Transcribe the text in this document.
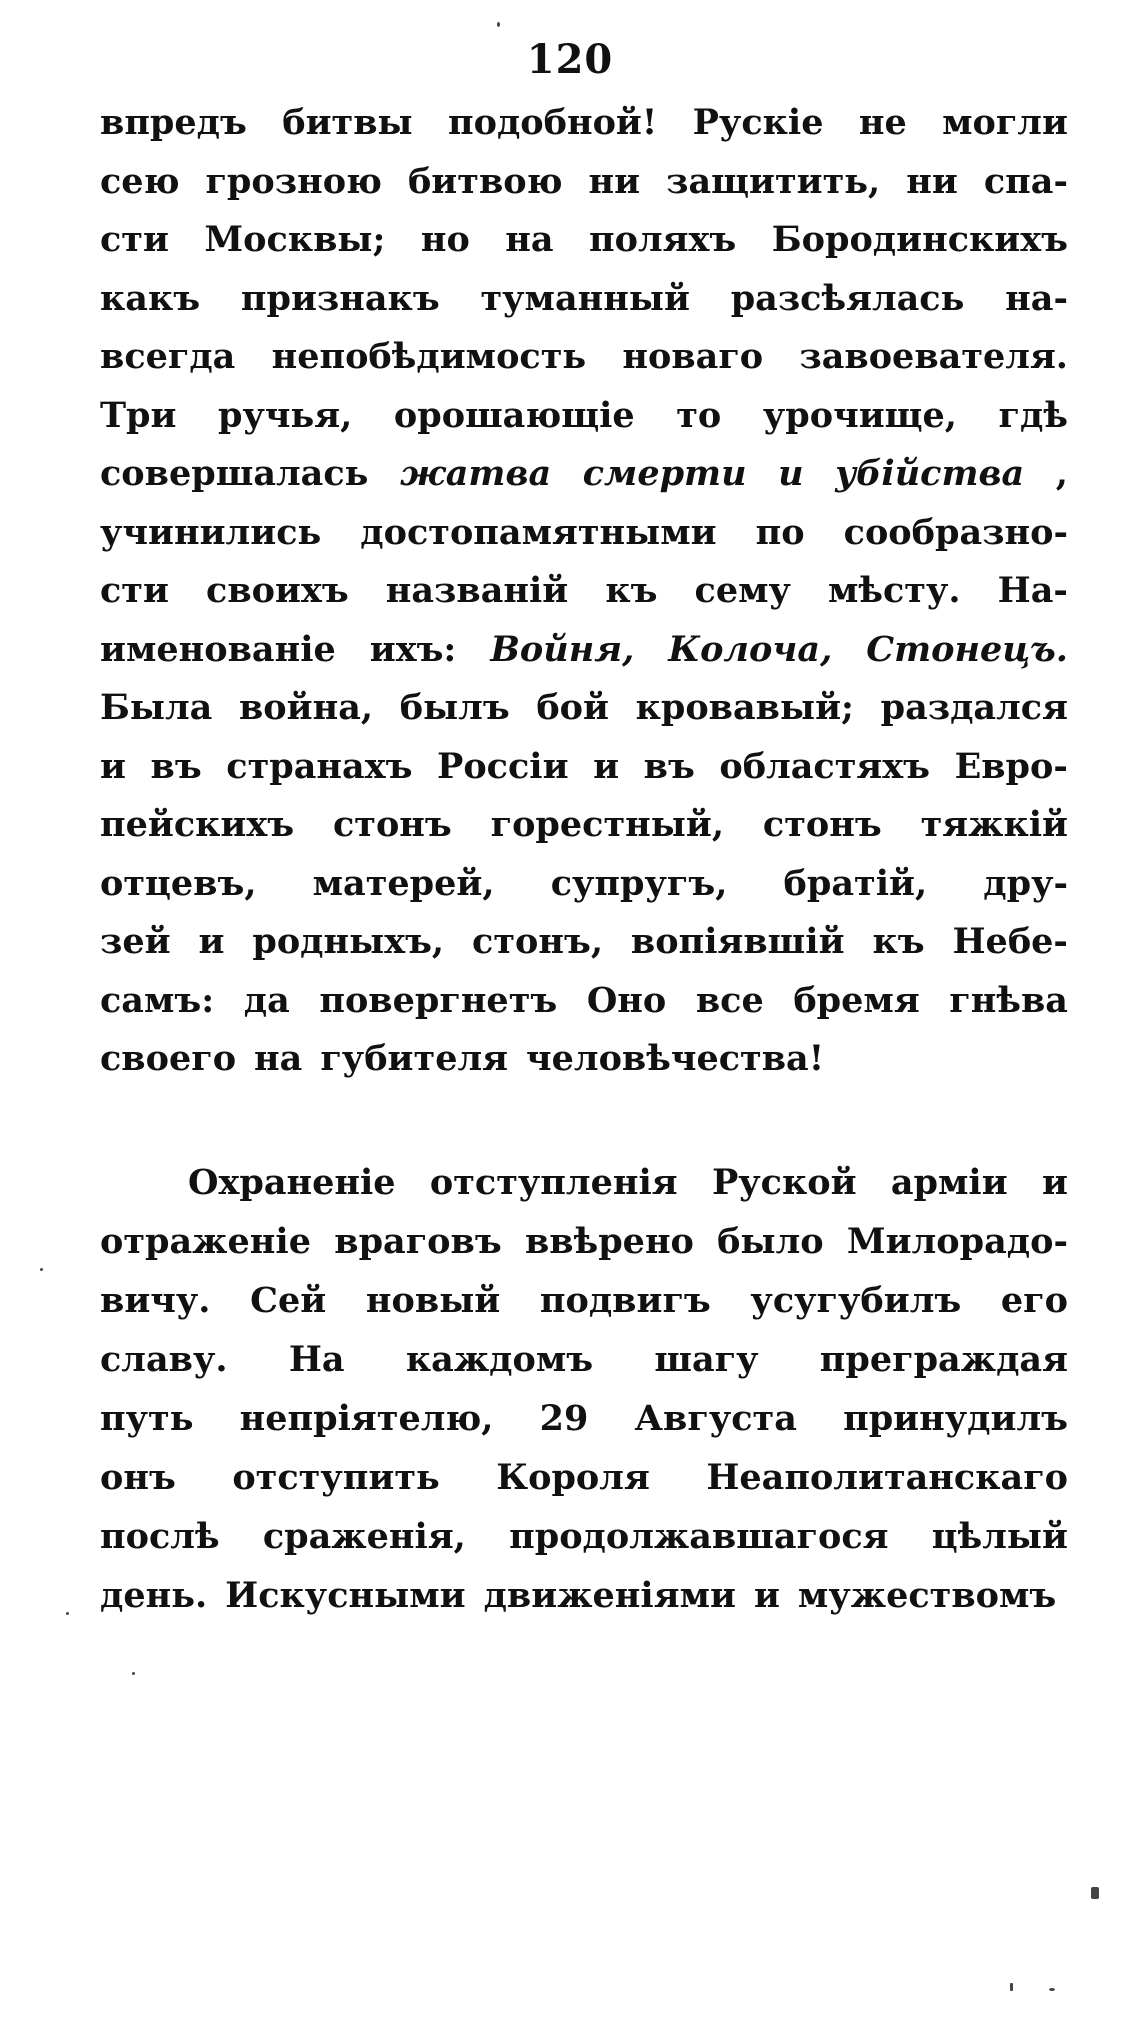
120
впредъ битвы подобной! Рускіе не могли
сею грозною битвою ни защитить, ни спа-
сти Москвы; но на поляхъ Бородинскихъ
какъ признакъ туманный разсѣялась на-
всегда непобѣдимость новаго завоевателя.
Три ручья, орошающіе то урочище, гдѣ
совершалась жатва смерти и убійства ,
учинились достопамятными по сообразно-
сти своихъ названій къ сему мѣсту. На-
именованіе ихъ: Войня, Колоча, Стонецъ.
Была война, былъ бой кровавый; раздался
и въ странахъ Россіи и въ областяхъ Евро-
пейскихъ стонъ горестный, стонъ тяжкій
отцевъ, матерей, супругъ, братій, дру-
зей и родныхъ, стонъ, вопіявшій къ Небе-
самъ: да повергнетъ Оно все бремя гнѣва
своего на губителя человѣчества!
Охраненіе отступленія Руской арміи и
отраженіе враговъ ввѣрено было Милорадо-
вичу. Сей новый подвигъ усугубилъ его
славу. На каждомъ шагу преграждая
путь непріятелю, 29 Августа принудилъ
онъ отступить Короля Неаполитанскаго
послѣ сраженія, продолжавшагося цѣлый
день. Искусными движеніями и мужествомъ
